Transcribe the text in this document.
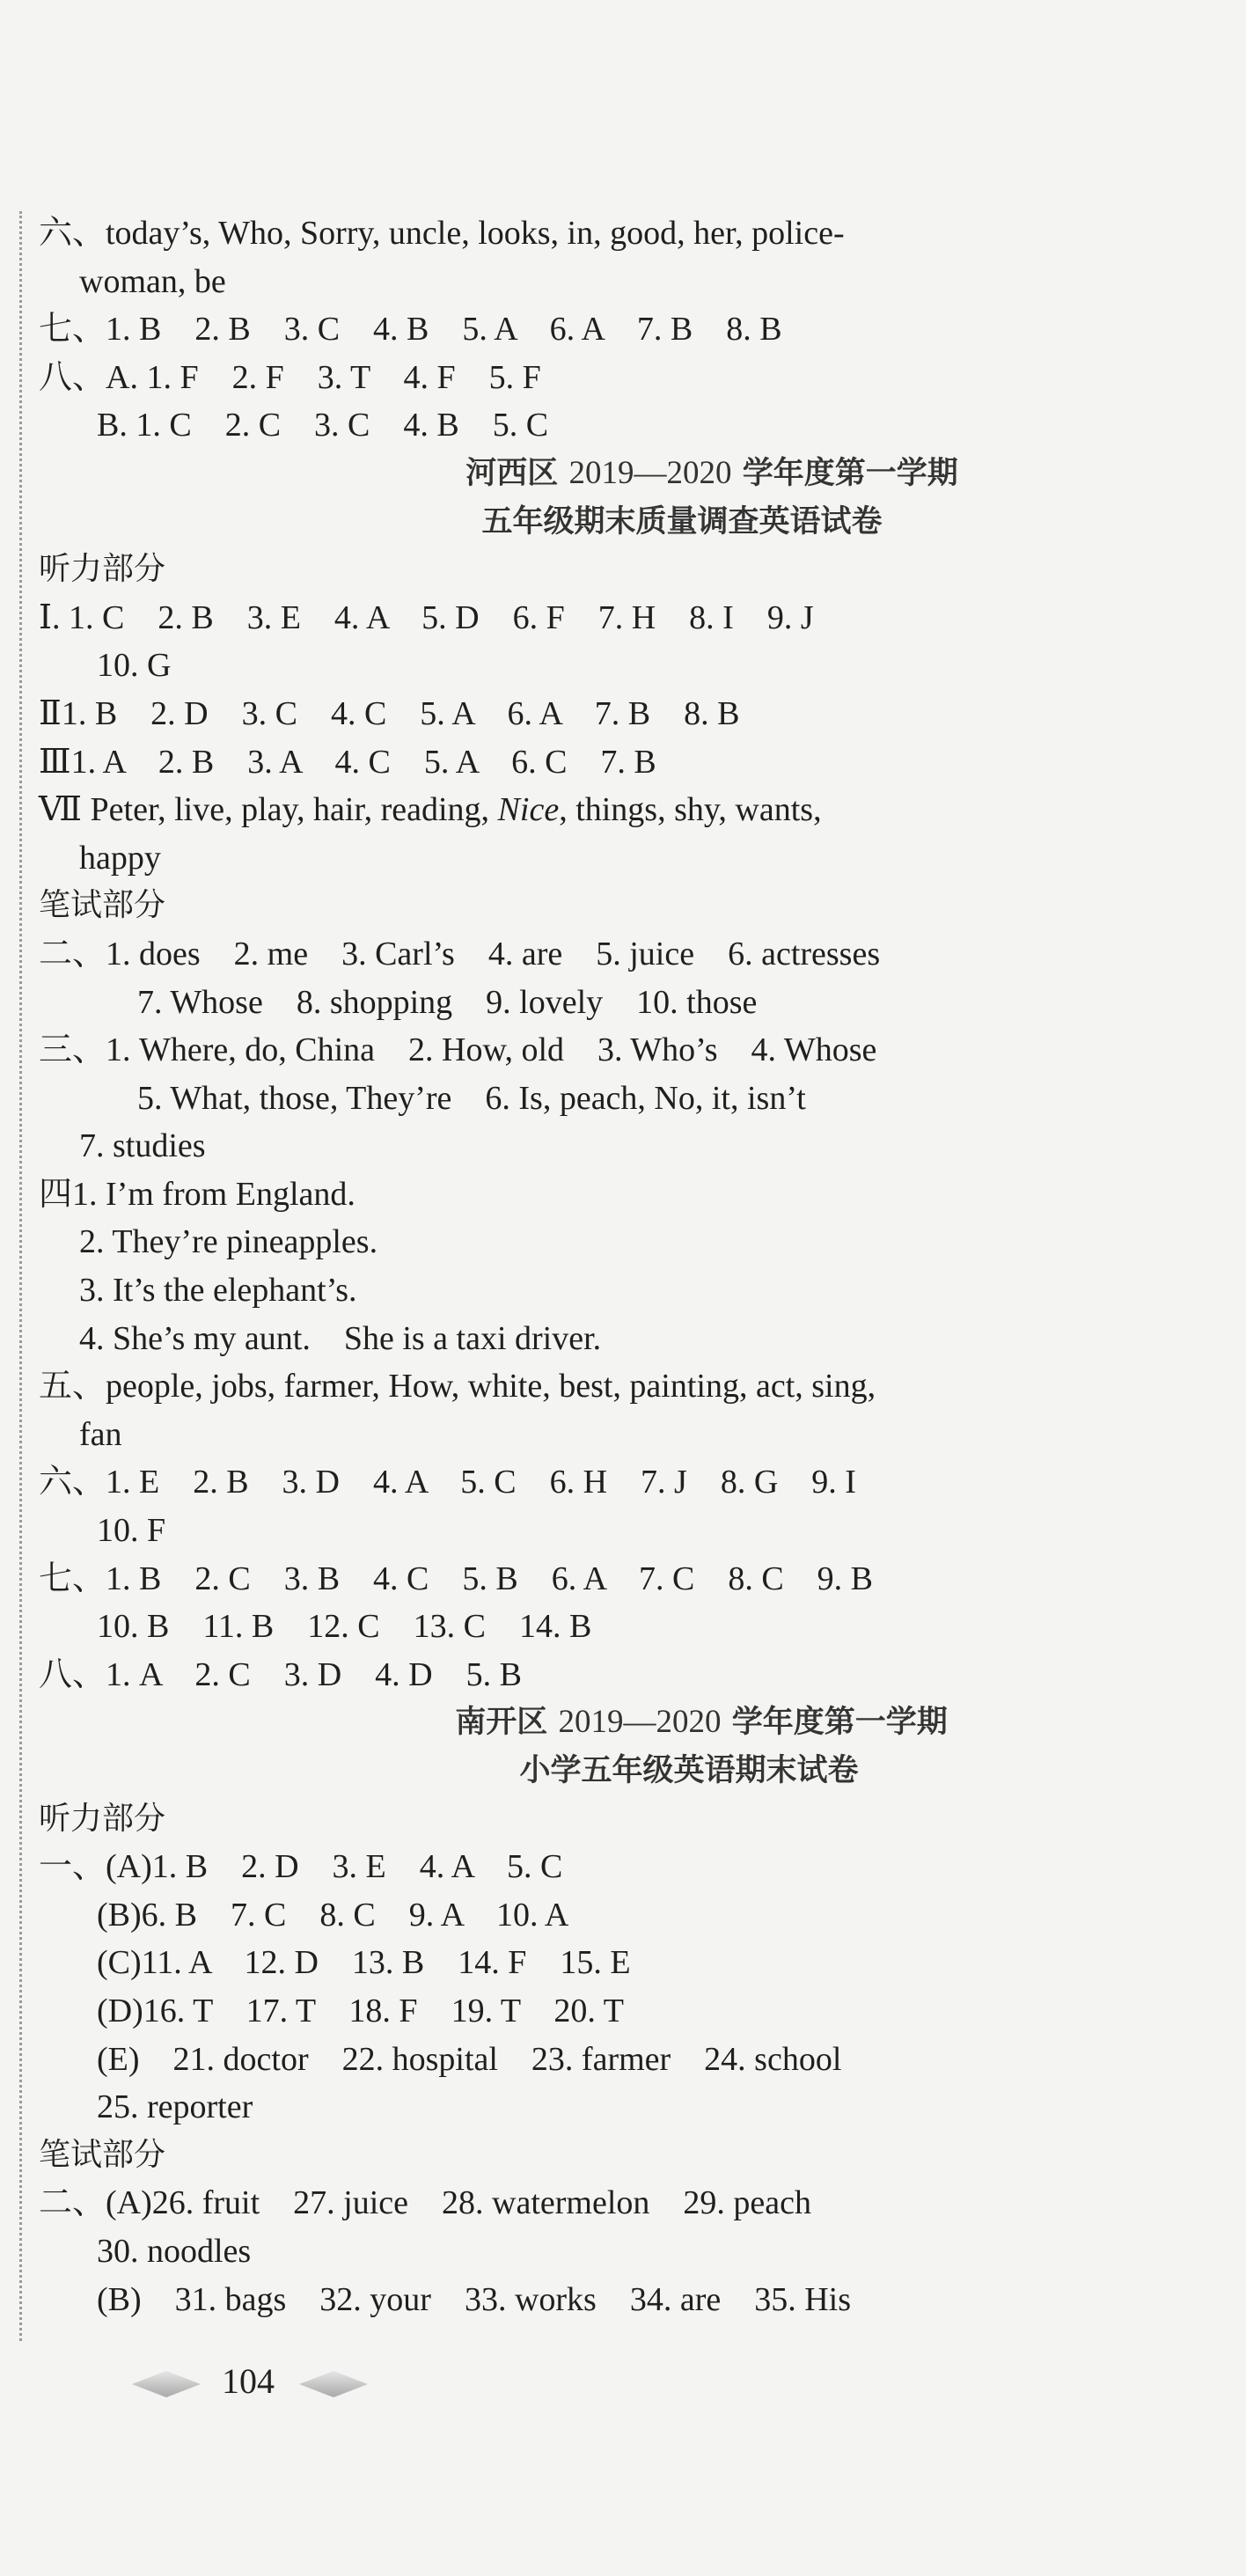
六、today’s, Who, Sorry, uncle, looks, in, good, her, police-
woman, be
七、1. B　2. B　3. C　4. B　5. A　6. A　7. B　8. B
八、A. 1. F　2. F　3. T　4. F　5. F
B. 1. C　2. C　3. C　4. B　5. C
河西区 2019—2020 学年度第一学期
五年级期末质量调查英语试卷
听力部分
Ⅰ. 1. C　2. B　3. E　4. A　5. D　6. F　7. H　8. I　9. J
10. G
Ⅱ1. B　2. D　3. C　4. C　5. A　6. A　7. B　8. B
Ⅲ1. A　2. B　3. A　4. C　5. A　6. C　7. B
Ⅶ Peter, live, play, hair, reading, Nice, things, shy, wants,
happy
笔试部分
二、1. does　2. me　3. Carl’s　4. are　5. juice　6. actresses
7. Whose　8. shopping　9. lovely　10. those
三、1. Where, do, China　2. How, old　3. Who’s　4. Whose
5. What, those, They’re　6. Is, peach, No, it, isn’t
7. studies
四1. I’m from England.
2. They’re pineapples.
3. It’s the elephant’s.
4. She’s my aunt.　She is a taxi driver.
五、people, jobs, farmer, How, white, best, painting, act, sing,
fan
六、1. E　2. B　3. D　4. A　5. C　6. H　7. J　8. G　9. I
10. F
七、1. B　2. C　3. B　4. C　5. B　6. A　7. C　8. C　9. B
10. B　11. B　12. C　13. C　14. B
八、1. A　2. C　3. D　4. D　5. B
南开区 2019—2020 学年度第一学期
小学五年级英语期末试卷
听力部分
一、(A)1. B　2. D　3. E　4. A　5. C
(B)6. B　7. C　8. C　9. A　10. A
(C)11. A　12. D　13. B　14. F　15. E
(D)16. T　17. T　18. F　19. T　20. T
(E)　21. doctor　22. hospital　23. farmer　24. school
25. reporter
笔试部分
二、(A)26. fruit　27. juice　28. watermelon　29. peach
30. noodles
(B)　31. bags　32. your　33. works　34. are　35. His
104
